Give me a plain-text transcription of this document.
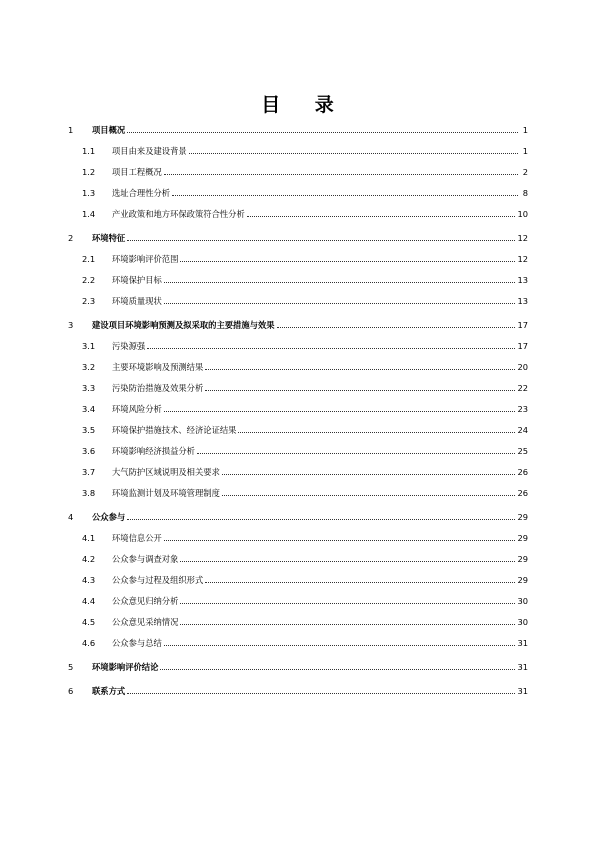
目 录
1	项目概况	1
1.1	项目由来及建设背景	1
1.2	项目工程概况	2
1.3	选址合理性分析	8
1.4	产业政策和地方环保政策符合性分析	10
2	环境特征	12
2.1	环境影响评价范围	12
2.2	环境保护目标	13
2.3	环境质量现状	13
3	建设项目环境影响预测及拟采取的主要措施与效果	17
3.1	污染源强	17
3.2	主要环境影响及预测结果	20
3.3	污染防治措施及效果分析	22
3.4	环境风险分析	23
3.5	环境保护措施技术、经济论证结果	24
3.6	环境影响经济损益分析	25
3.7	大气防护区域说明及相关要求	26
3.8	环境监测计划及环境管理制度	26
4	公众参与	29
4.1	环境信息公开	29
4.2	公众参与调查对象	29
4.3	公众参与过程及组织形式	29
4.4	公众意见归纳分析	30
4.5	公众意见采纳情况	30
4.6	公众参与总结	31
5	环境影响评价结论	31
6	联系方式	31
